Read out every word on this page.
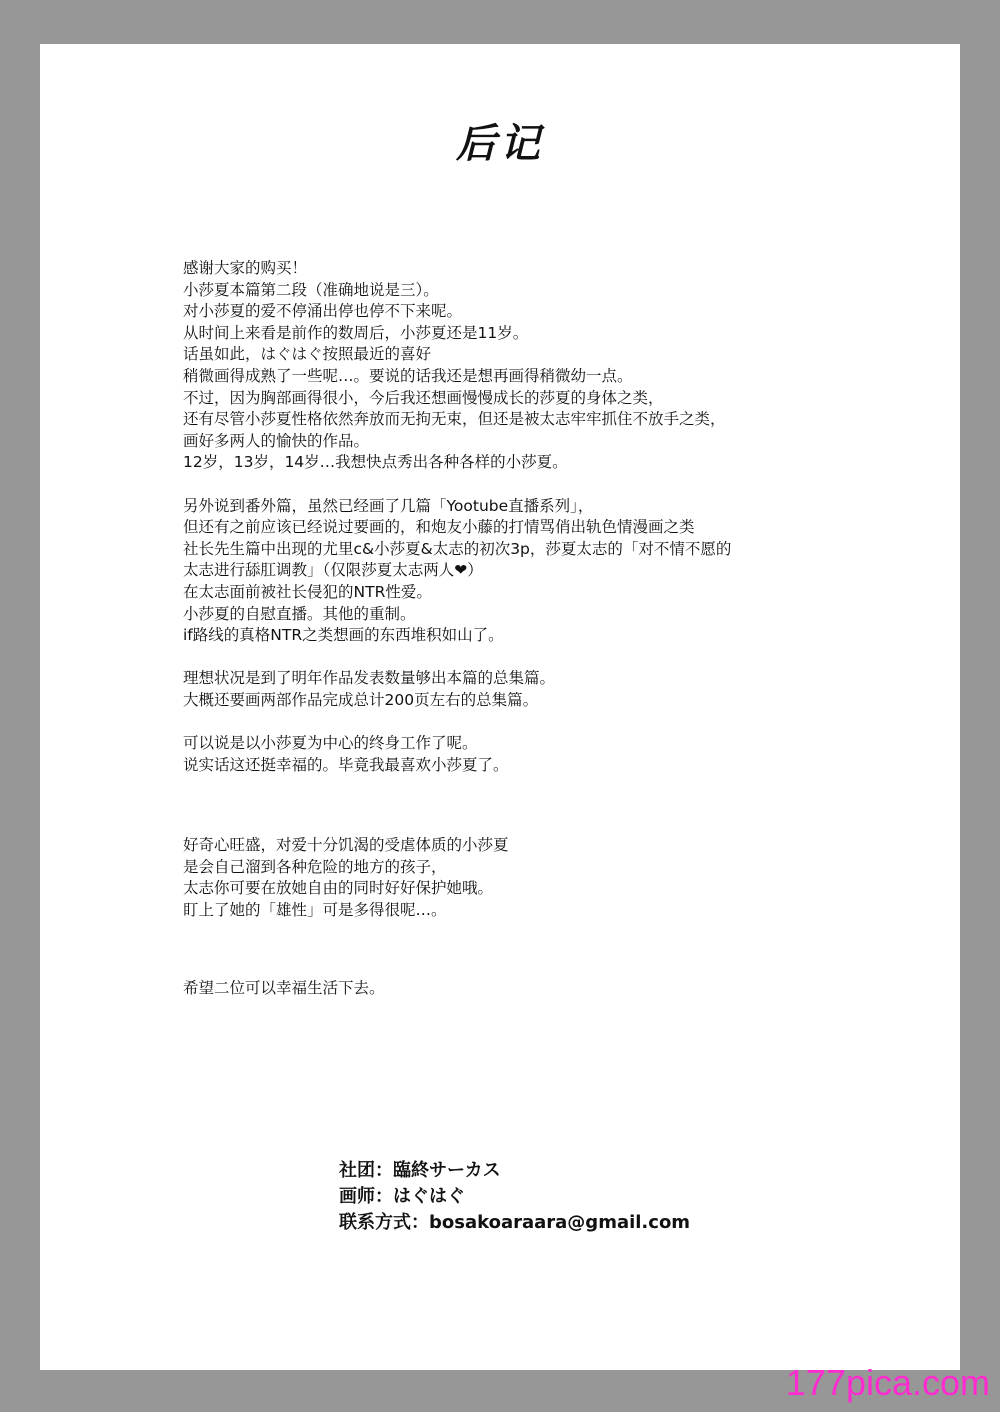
后记
感谢大家的购买！
小莎夏本篇第二段（准确地说是三）。
对小莎夏的爱不停涌出停也停不下来呢。
从时间上来看是前作的数周后，小莎夏还是11岁。
话虽如此，はぐはぐ按照最近的喜好
稍微画得成熟了一些呢…。要说的话我还是想再画得稍微幼一点。
不过，因为胸部画得很小，今后我还想画慢慢成长的莎夏的身体之类，
还有尽管小莎夏性格依然奔放而无拘无束，但还是被太志牢牢抓住不放手之类，
画好多两人的愉快的作品。
12岁，13岁，14岁…我想快点秀出各种各样的小莎夏。
另外说到番外篇，虽然已经画了几篇「Yootube直播系列」，
但还有之前应该已经说过要画的，和炮友小藤的打情骂俏出轨色情漫画之类
社长先生篇中出现的尤里c&小莎夏&太志的初次3p，莎夏太志的「对不情不愿的
太志进行舔肛调教」（仅限莎夏太志两人❤）
在太志面前被社长侵犯的NTR性爱。
小莎夏的自慰直播。其他的重制。
if路线的真格NTR之类想画的东西堆积如山了。
理想状况是到了明年作品发表数量够出本篇的总集篇。
大概还要画两部作品完成总计200页左右的总集篇。
可以说是以小莎夏为中心的终身工作了呢。
说实话这还挺幸福的。毕竟我最喜欢小莎夏了。
好奇心旺盛，对爱十分饥渴的受虐体质的小莎夏
是会自己溜到各种危险的地方的孩子，
太志你可要在放她自由的同时好好保护她哦。
盯上了她的「雄性」可是多得很呢…。
希望二位可以幸福生活下去。
社团：臨終サーカス
画师：はぐはぐ
联系方式：bosakoaraara@gmail.com
177pica.com
